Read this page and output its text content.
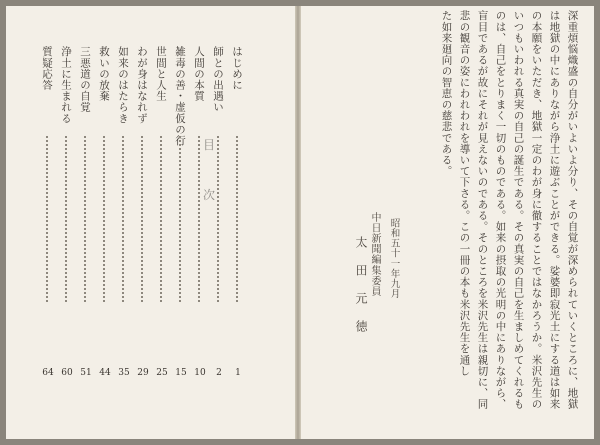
目
次
はじめに
1
師との出遇い
2
人間の本質
10
雑毒の善・虚仮の行
15
世間と人生
25
わが身はなれず
29
如来のはたらき
35
救いの放棄
44
三悪道の自覚
51
浄土に生まれる
60
質疑応答
64	深重煩悩熾盛の自分がいよいよ分り、その自覚が深められていくところに、地獄
は地獄の中にありながら浄土に遊ぶことができる。娑婆即寂光土にする道は如来
の本願をいただき、地獄一定のわが身に徹することではなかろうか。米沢先生の
いつもいわれる真実の自己の誕生である。その真実の自己を生ましめてくれるも
のは、自己をとりまく一切のものである。如来の摂取の光明の中にありながら、
盲目であるが故にそれが見えないのである。そのところを米沢先生は親切に、同
悲の観音の姿にわれわれを導いて下さる。この一冊の本も米沢先生を通し
た如来廻向の智恵の慈悲である。
昭和五十一年九月
中日新聞編集委員
太田元徳
